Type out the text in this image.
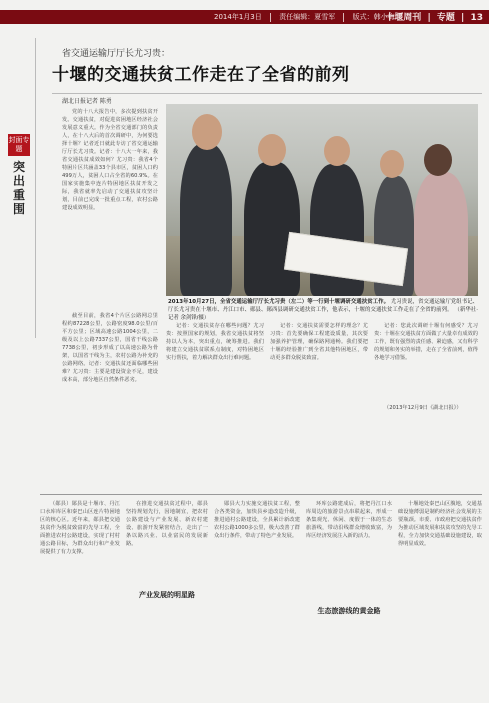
2014年1月3日 责任编辑：夏雪军 版式：韩小梅
十堰周刊 | 专题 | 13
封面专题
突出重围
省交通运输厅厅长尤习贵：
十堰的交通扶贫工作走在了全省的前列
湖北日报记者 陈勇

党的十八大报告中，多次提到扶贫开发。交通扶贫，对促进贫困地区经济社会发展意义重大。作为全省交通部门的负责人，在十八大后的首次调研中，为何要选择十堰？记者近日就此专访了省交通运输厅厅长尤习贵。记者：十八大一年来，我省交通扶贫成效如何？尤习贵：我省4个特困片区共涵盖33个县市区，贫困人口约499万人，贫困人口占全省的60.9%。在国家实施集中连片特困地区扶贫开发之际，我省就率先启动了交通扶贫攻坚计划，目前已完成一批重点工程，农村公路建设成效明显。

截至目前，我省4个片区公路网总里程约87228公里，公路密度98.0公里/百平方公里；区域高速公路1004公里，二级及以上公路7337公里，国省干线公路7738公里，初步形成了以高速公路为骨架，以国省干线为主，农村公路为补充的公路网络。记者：交通扶贫还面临哪些困难？尤习贵：主要是建设资金不足，建设成本高，部分地区自然条件恶劣。

2013年10月27日，全省交通运输厅厅长尤习贵（左二）等一行到十堰调研交通扶贫工作。 尤习贵说，省交通运输厅党组书记、厅长尤习贵在十堰市、丹江口市、郧县、郧西县调研交通扶贫工作，他表示，十堰的交通扶贫工作走在了全省的前列。 （新华社·记者 余剑锋/摄）

记者：交通扶贫存在哪些问题？尤习贵：按照国家的规划，我省交通扶贫将坚持以人为本，突出重点，统筹推进。我们将建立交通扶贫联系点制度，对特困地区实行帮扶，着力解决群众出行难问题。

记者：交通扶贫需要怎样的理念？尤习贵：首先要确保工程建设质量，其次要加强养护管理，确保路网通畅。我们要把十堰的经验推广到全省其他特困地区，带动更多群众脱贫致富。

记者：您此次调研十堰有何感受？尤习贵：十堰在交通扶贫方面做了大量卓有成效的工作，既有强烈的责任感、紧迫感，又有科学的规划和务实的举措，走在了全省前列，值得各地学习借鉴。

（2013年12月9日《湖北日报》）

（郧县）郧县是十堰市、丹江口水库库区和秦巴山区连片特困地区的核心区。近年来，郧县把交通扶贫作为脱贫致富的先导工程，全面推进农村公路建设，实现了村村通公路目标，为群众出行和产业发展提供了有力支撑。

产业发展的明星路

在推进交通扶贫过程中，郧县坚持规划先行，因地制宜，把农村公路建设与产业发展、新农村建设、旅游开发紧密结合，走出了一条以路兴业、以业富民的发展新路。

郧县大力实施交通扶贫工程，整合各类资金，加快县乡道改造升级，推进通村公路建设，全县累计新改建农村公路1000多公里，极大改善了群众出行条件，带动了特色产业发展。

生态旅游线的黄金路

环库公路建成后，将把丹江口水库周边的旅游景点串联起来，形成一条集观光、休闲、度假于一体的生态旅游线，带动沿线群众增收致富，为库区经济发展注入新的活力。

十堰地处秦巴山区腹地，交通基础设施薄弱是制约经济社会发展的主要瓶颈。市委、市政府把交通扶贫作为推动区域发展和扶贫攻坚的先导工程，全力加快交通基础设施建设，取得明显成效。
